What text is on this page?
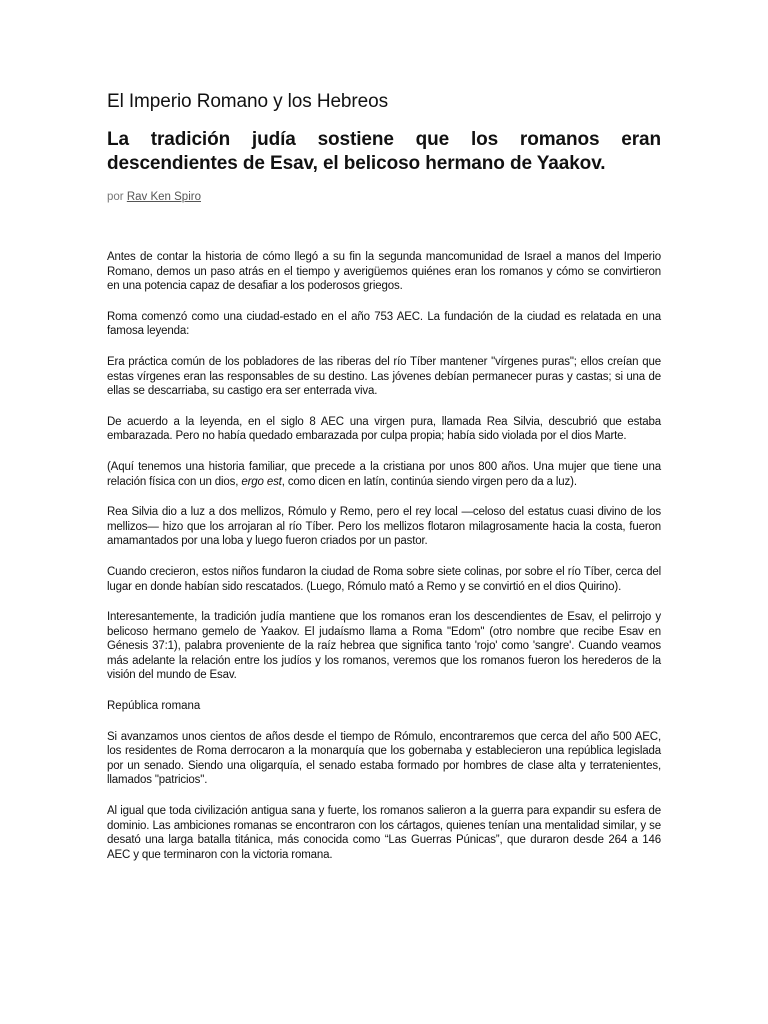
El Imperio Romano y los Hebreos
La tradición judía sostiene que los romanos eran descendientes de Esav, el belicoso hermano de Yaakov.
por Rav Ken Spiro

Antes de contar la historia de cómo llegó a su fin la segunda mancomunidad de Israel a manos del Imperio Romano, demos un paso atrás en el tiempo y averigüemos quiénes eran los romanos y cómo se convirtieron en una potencia capaz de desafiar a los poderosos griegos.

Roma comenzó como una ciudad-estado en el año 753 AEC. La fundación de la ciudad es relatada en una famosa leyenda:

Era práctica común de los pobladores de las riberas del río Tíber mantener "vírgenes puras"; ellos creían que estas vírgenes eran las responsables de su destino. Las jóvenes debían permanecer puras y castas; si una de ellas se descarriaba, su castigo era ser enterrada viva.

De acuerdo a la leyenda, en el siglo 8 AEC una virgen pura, llamada Rea Silvia, descubrió que estaba embarazada. Pero no había quedado embarazada por culpa propia; había sido violada por el dios Marte.

(Aquí tenemos una historia familiar, que precede a la cristiana por unos 800 años. Una mujer que tiene una relación física con un dios, ergo est, como dicen en latín, continúa siendo virgen pero da a luz).

Rea Silvia dio a luz a dos mellizos, Rómulo y Remo, pero el rey local —celoso del estatus cuasi divino de los mellizos— hizo que los arrojaran al río Tíber. Pero los mellizos flotaron milagrosamente hacia la costa, fueron amamantados por una loba y luego fueron criados por un pastor.

Cuando crecieron, estos niños fundaron la ciudad de Roma sobre siete colinas, por sobre el río Tíber, cerca del lugar en donde habían sido rescatados. (Luego, Rómulo mató a Remo y se convirtió en el dios Quirino).

Interesantemente, la tradición judía mantiene que los romanos eran los descendientes de Esav, el pelirrojo y belicoso hermano gemelo de Yaakov. El judaísmo llama a Roma "Edom" (otro nombre que recibe Esav en Génesis 37:1), palabra proveniente de la raíz hebrea que significa tanto 'rojo' como 'sangre'. Cuando veamos más adelante la relación entre los judíos y los romanos, veremos que los romanos fueron los herederos de la visión del mundo de Esav.

República romana

Si avanzamos unos cientos de años desde el tiempo de Rómulo, encontraremos que cerca del año 500 AEC, los residentes de Roma derrocaron a la monarquía que los gobernaba y establecieron una república legislada por un senado. Siendo una oligarquía, el senado estaba formado por hombres de clase alta y terratenientes, llamados "patricios".

Al igual que toda civilización antigua sana y fuerte, los romanos salieron a la guerra para expandir su esfera de dominio. Las ambiciones romanas se encontraron con los cártagos, quienes tenían una mentalidad similar, y se desató una larga batalla titánica, más conocida como “Las Guerras Púnicas”, que duraron desde 264 a 146 AEC y que terminaron con la victoria romana.
